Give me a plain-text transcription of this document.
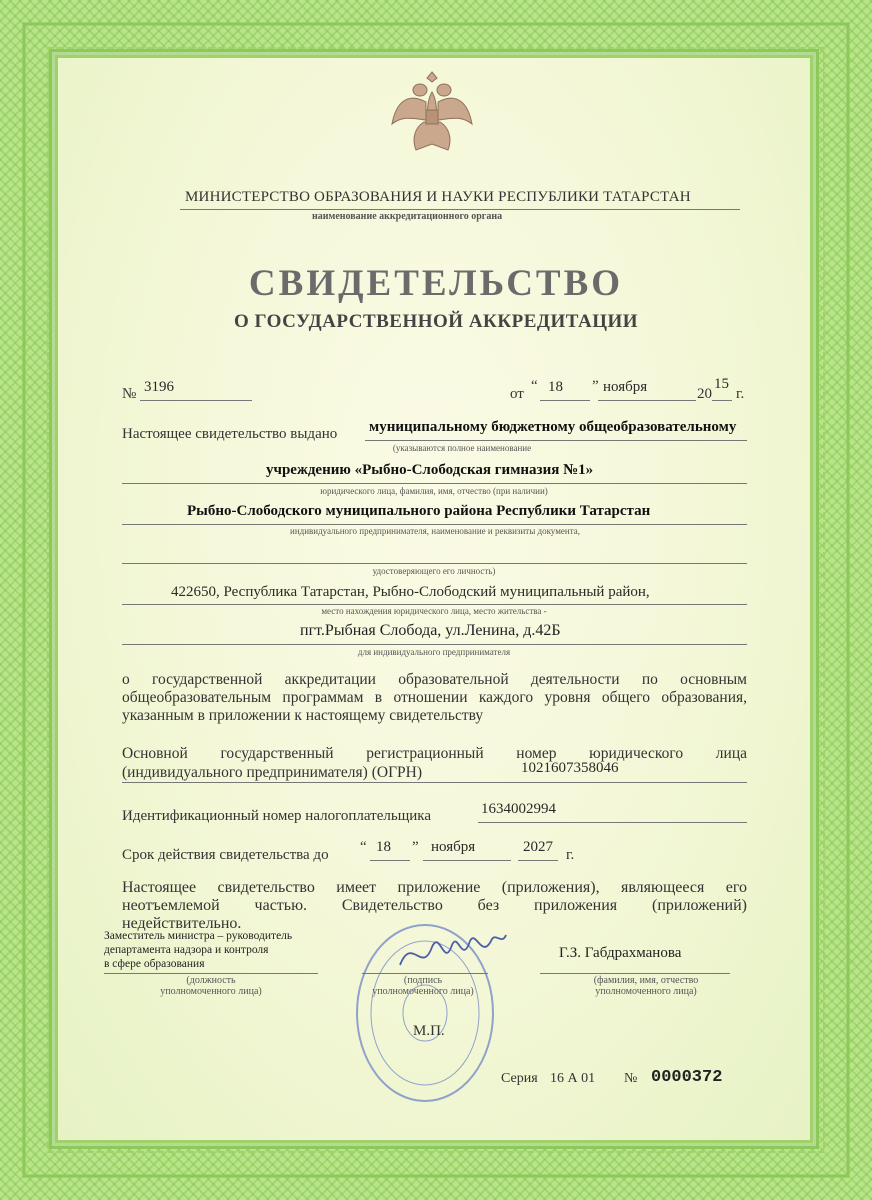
МИНИСТЕРСТВО ОБРАЗОВАНИЯ И НАУКИ РЕСПУБЛИКИ ТАТАРСТАН
наименование аккредитационного органа
СВИДЕТЕЛЬСТВО
О ГОСУДАРСТВЕННОЙ АККРЕДИТАЦИИ
№ 3196	от “ 18 ” ноября	20
15
г.
Настоящее свидетельство выдано муниципальному бюджетному общеобразовательному
(указываются полное наименование
учреждению «Рыбно-Слободская гимназия №1»
юридического лица, фамилия, имя, отчество (при наличии)
Рыбно-Слободского муниципального района Республики Татарстан
индивидуального предпринимателя, наименование и реквизиты документа,
удостоверяющего его личность)
422650, Республика Татарстан, Рыбно-Слободский муниципальный район,
место нахождения юридического лица, место жительства -
пгт.Рыбная Слобода, ул.Ленина, д.42Б
для индивидуального предпринимателя
о государственной аккредитации образовательной деятельности по основным
общеобразовательным программам в отношении каждого уровня общего образования,
указанным в приложении к настоящему свидетельству
Основной государственный регистрационный номер юридического лица
(индивидуального предпринимателя) (ОГРН)	1021607358046
Идентификационный номер налогоплательщика	1634002994
Срок действия свидетельства до “ 18 ” ноября	2027 г.
Настоящее свидетельство имеет приложение (приложения), являющееся его
неотъемлемой частью. Свидетельство без приложения (приложений)
недействительно.
Заместитель министра – руководитель
департамента надзора и контроля
в сфере образования
(должность
уполномоченного лица)
(подпись
уполномоченного лица)
Г.З. Габдрахманова
(фамилия, имя, отчество
уполномоченного лица)
М.П.
Серия 16 А 01 № 0000372
